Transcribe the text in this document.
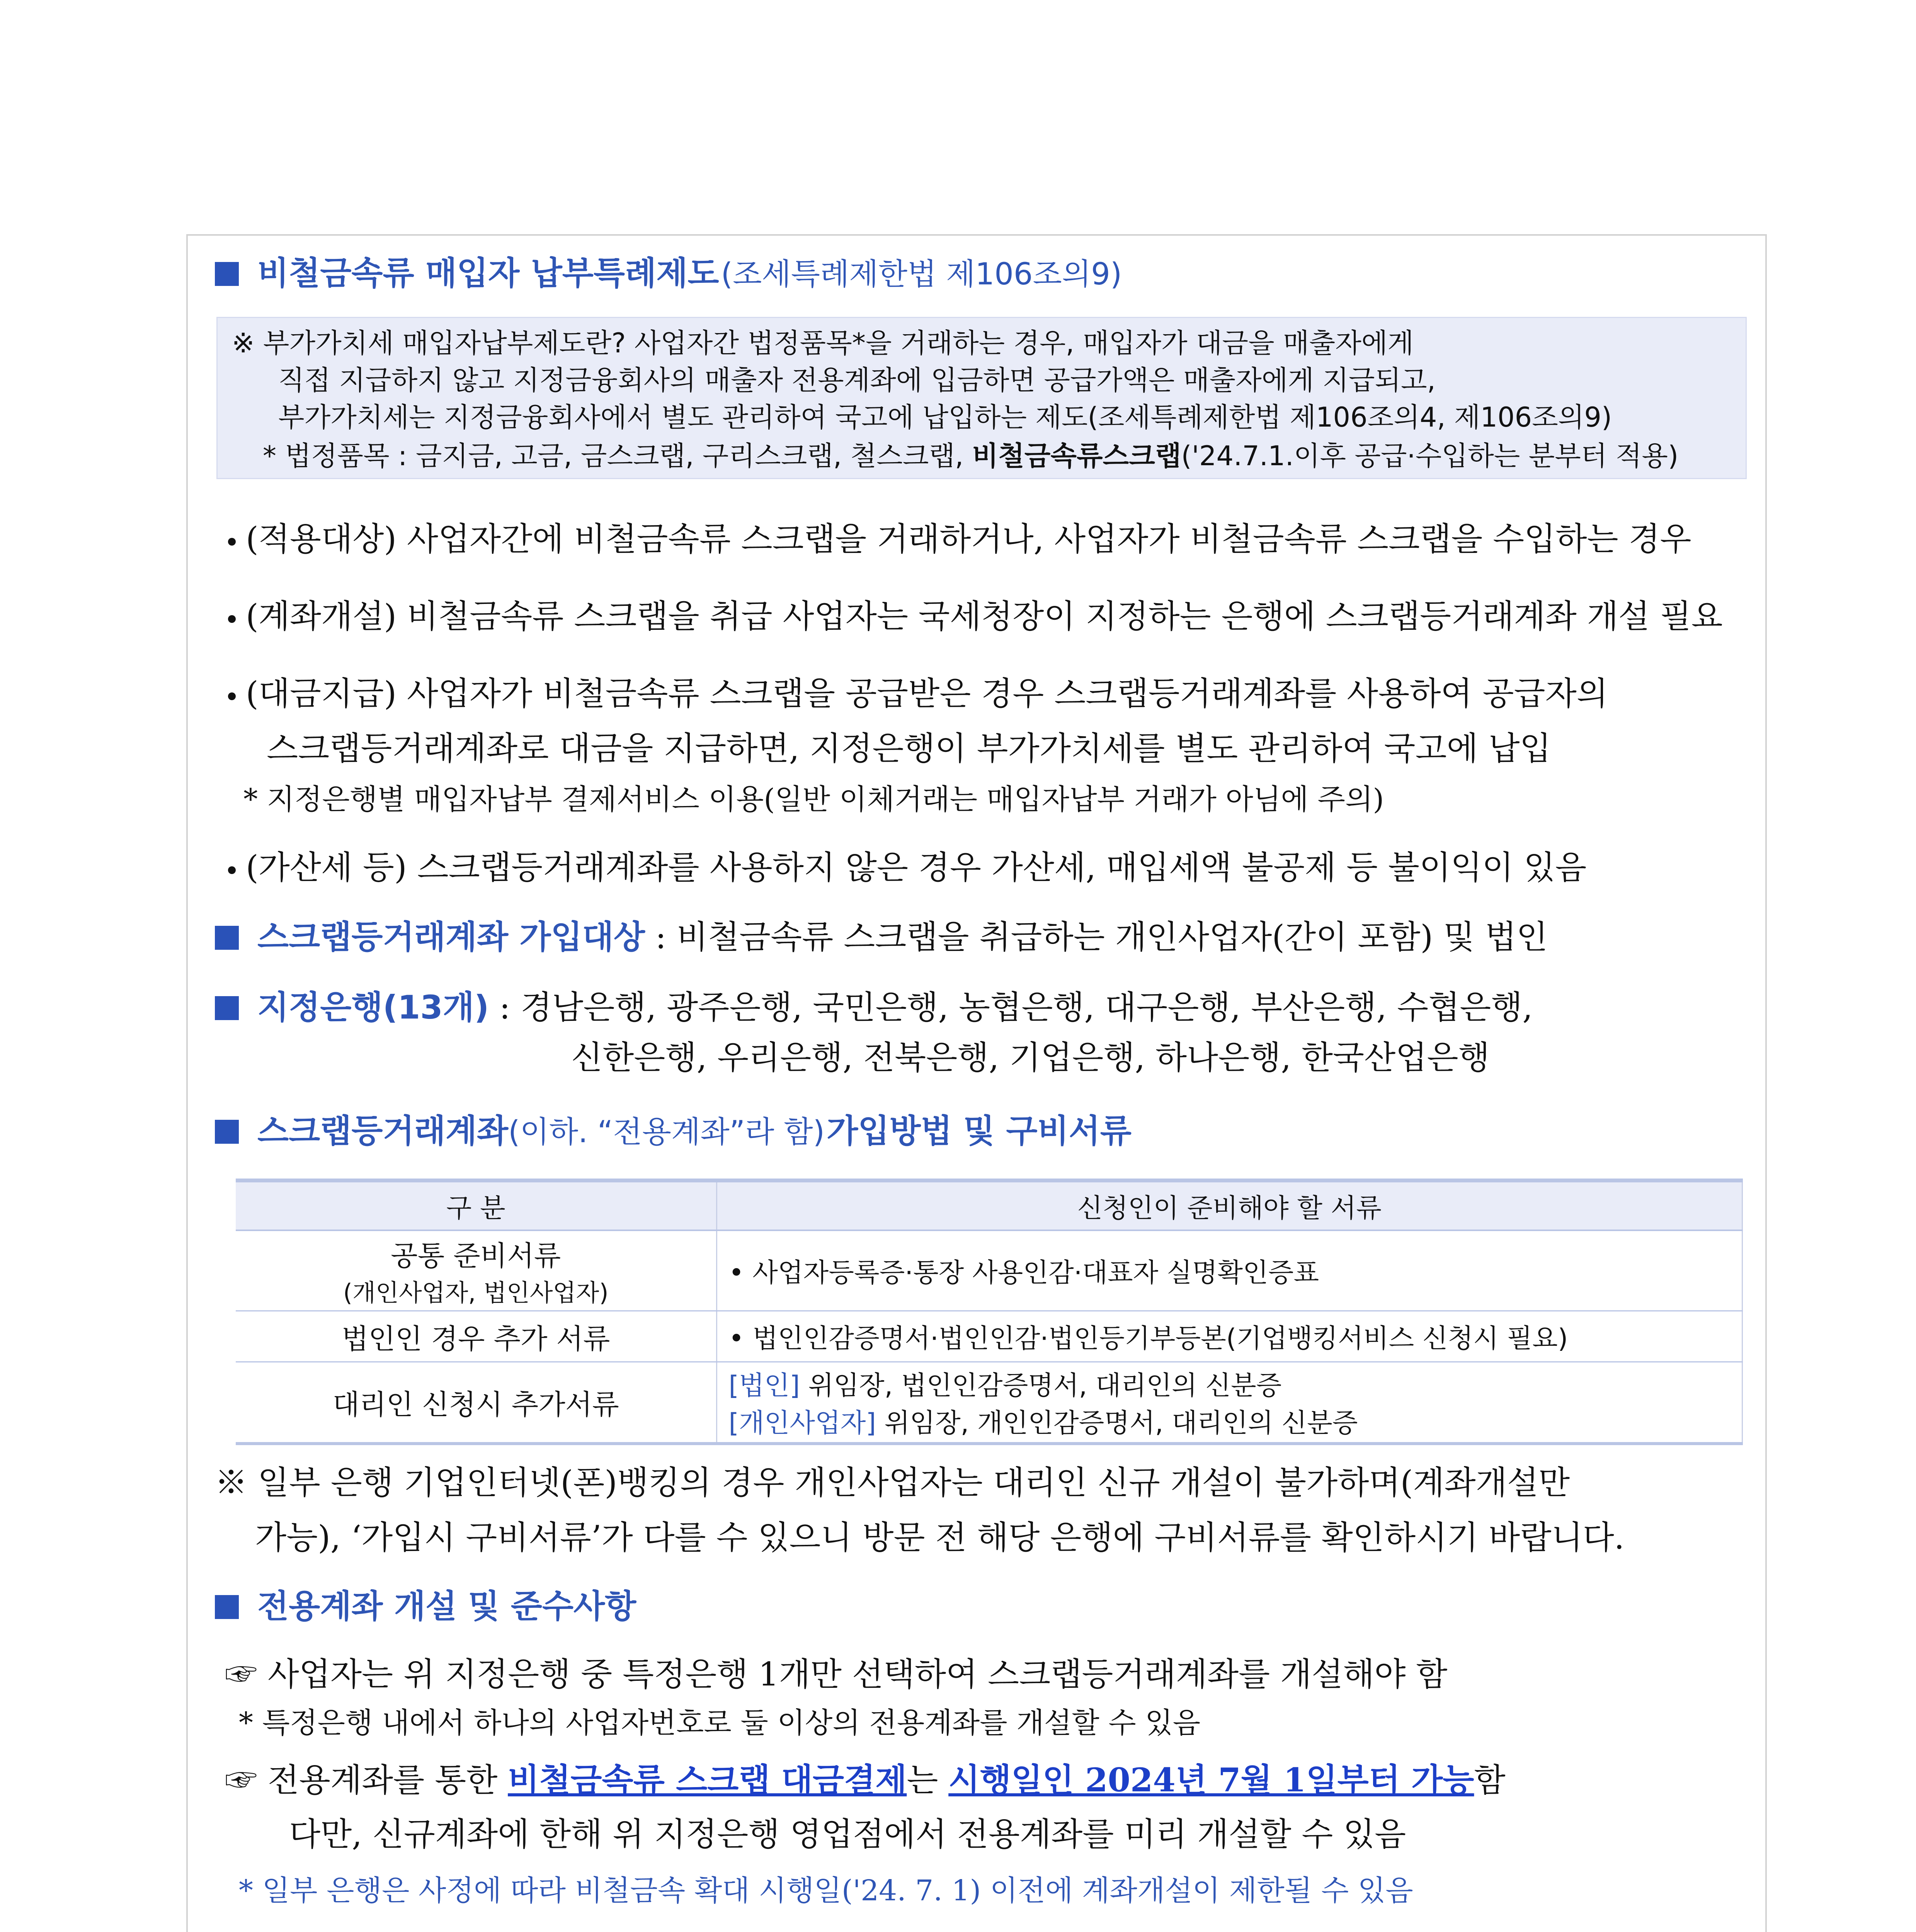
비철금속류 매입자 납부특례제도 (조세특례제한법 제106조의9)
※ 부가가치세 매입자납부제도란? 사업자간 법정품목*을 거래하는 경우, 매입자가 대금을 매출자에게
직접 지급하지 않고 지정금융회사의 매출자 전용계좌에 입금하면 공급가액은 매출자에게 지급되고,
부가가치세는 지정금융회사에서 별도 관리하여 국고에 납입하는 제도(조세특례제한법 제106조의4, 제106조의9)
* 법정품목 : 금지금, 고금, 금스크랩, 구리스크랩, 철스크랩, 비철금속류스크랩('24.7.1.이후 공급·수입하는 분부터 적용)
(적용대상) 사업자간에 비철금속류 스크랩을 거래하거나, 사업자가 비철금속류 스크랩을 수입하는 경우
(계좌개설) 비철금속류 스크랩을 취급 사업자는 국세청장이 지정하는 은행에 스크랩등거래계좌 개설 필요
(대금지급) 사업자가 비철금속류 스크랩을 공급받은 경우 스크랩등거래계좌를 사용하여 공급자의
스크랩등거래계좌로 대금을 지급하면, 지정은행이 부가가치세를 별도 관리하여 국고에 납입
* 지정은행별 매입자납부 결제서비스 이용(일반 이체거래는 매입자납부 거래가 아님에 주의)
(가산세 등) 스크랩등거래계좌를 사용하지 않은 경우 가산세, 매입세액 불공제 등 불이익이 있음
스크랩등거래계좌 가입대상 : 비철금속류 스크랩을 취급하는 개인사업자(간이 포함) 및 법인
지정은행(13개) : 경남은행, 광주은행, 국민은행, 농협은행, 대구은행, 부산은행, 수협은행,
신한은행, 우리은행, 전북은행, 기업은행, 하나은행, 한국산업은행
스크랩등거래계좌(이하. “전용계좌”라 함) 가입방법 및 구비서류
구 분	신청인이 준비해야 할 서류

공통 준비서류
(개인사업자, 법인사업자)	• 사업자등록증·통장 사용인감·대표자 실명확인증표
법인인 경우 추가 서류	• 법인인감증명서·법인인감·법인등기부등본(기업뱅킹서비스 신청시 필요)
대리인 신청시 추가서류	[법인] 위임장, 법인인감증명서, 대리인의 신분증
[개인사업자] 위임장, 개인인감증명서, 대리인의 신분증
※ 일부 은행 기업인터넷(폰)뱅킹의 경우 개인사업자는 대리인 신규 개설이 불가하며(계좌개설만
가능), ‘가입시 구비서류’가 다를 수 있으니 방문 전 해당 은행에 구비서류를 확인하시기 바랍니다.
전용계좌 개설 및 준수사항
☞ 사업자는 위 지정은행 중 특정은행 1개만 선택하여 스크랩등거래계좌를 개설해야 함
* 특정은행 내에서 하나의 사업자번호로 둘 이상의 전용계좌를 개설할 수 있음
☞ 전용계좌를 통한 비철금속류 스크랩 대금결제는 시행일인 2024년 7월 1일부터 가능함
다만, 신규계좌에 한해 위 지정은행 영업점에서 전용계좌를 미리 개설할 수 있음
* 일부 은행은 사정에 따라 비철금속 확대 시행일('24. 7. 1) 이전에 계좌개설이 제한될 수 있음
